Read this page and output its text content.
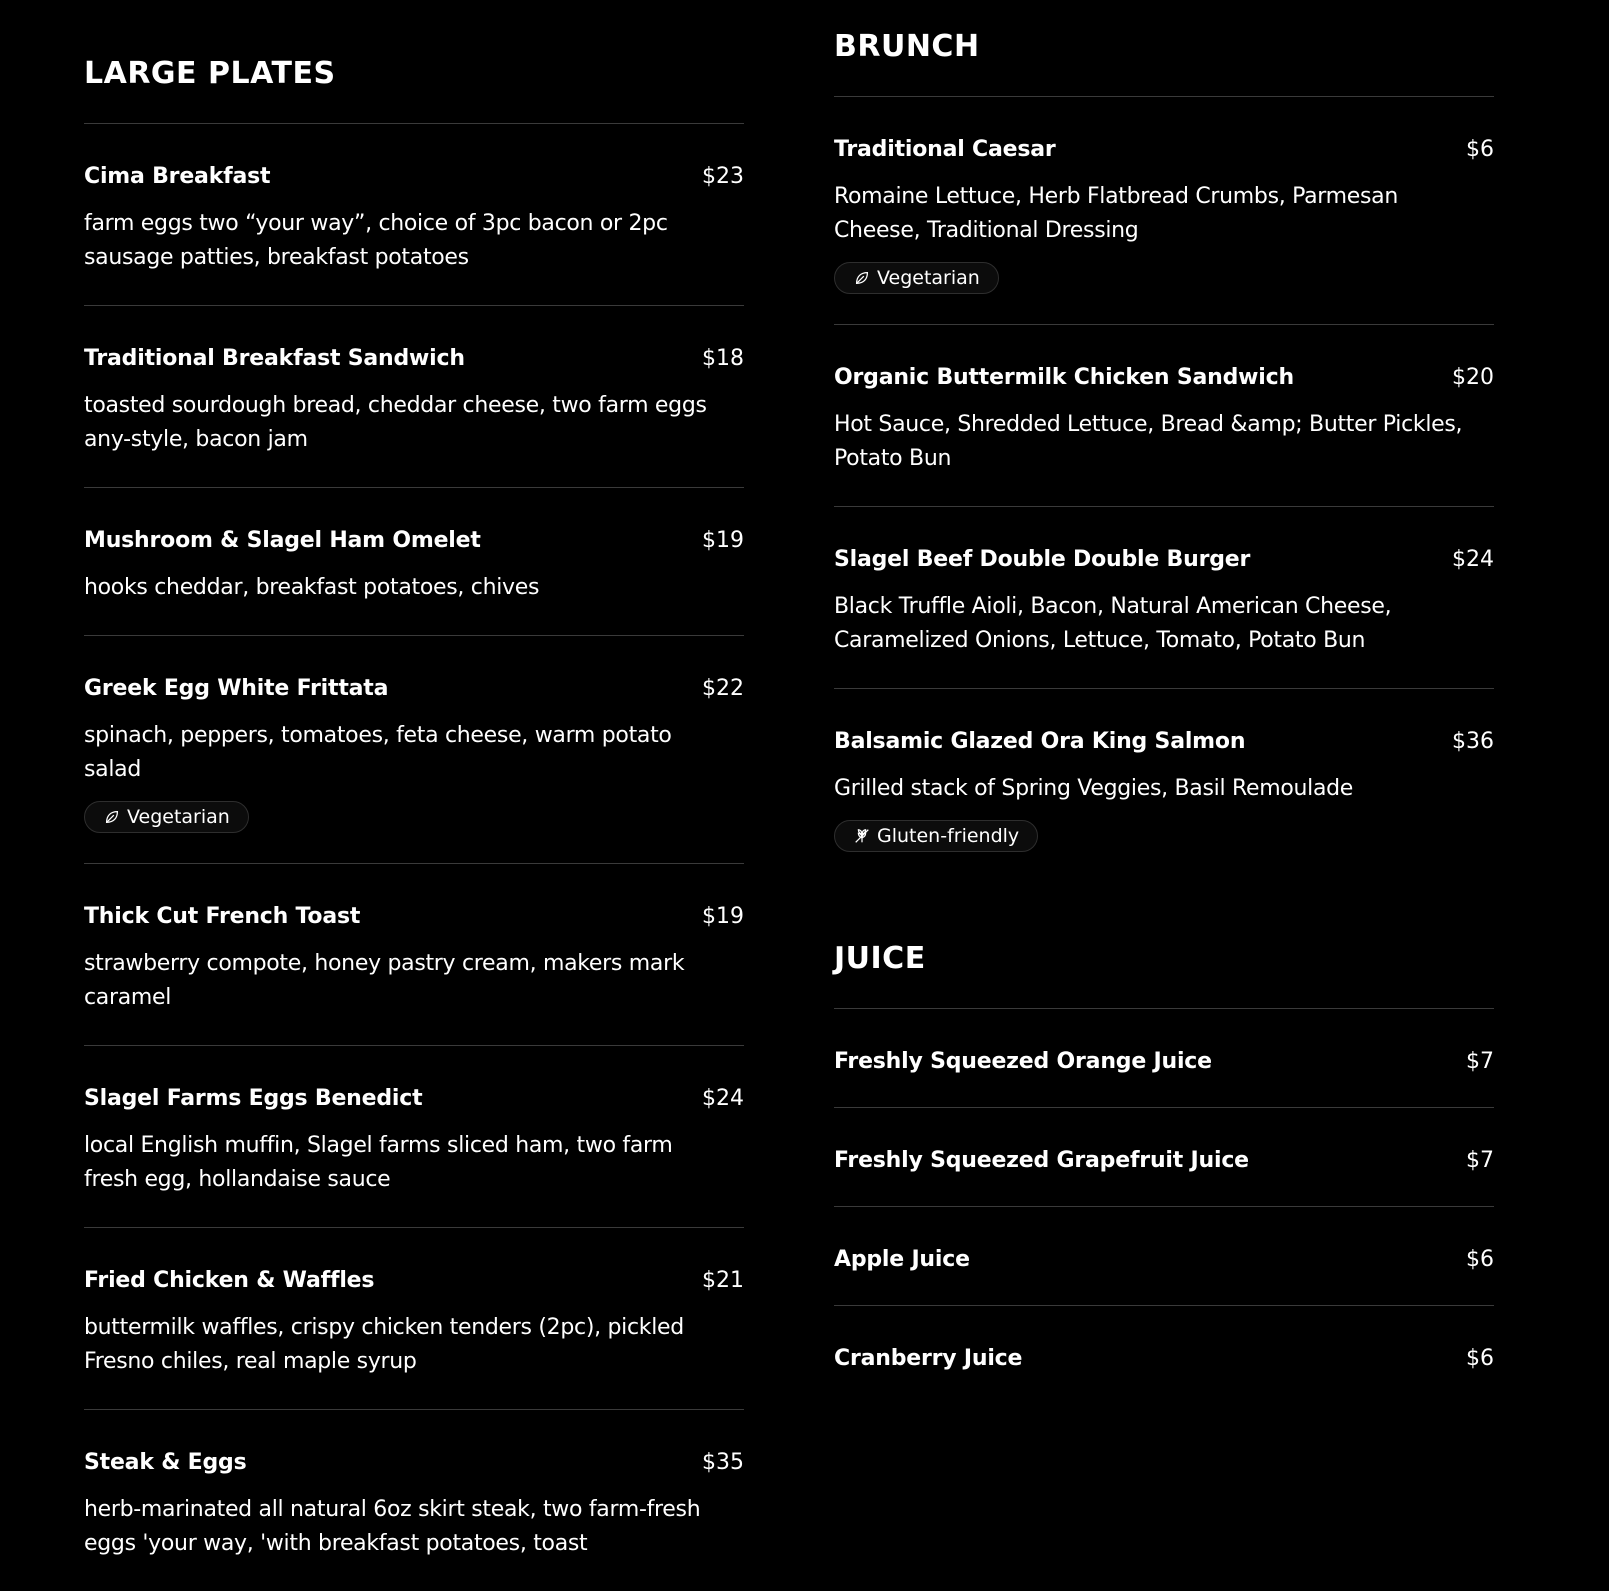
LARGE PLATES
Cima Breakfast	$23
farm eggs two “your way”, choice of 3pc bacon or 2pc sausage patties, breakfast potatoes
Traditional Breakfast Sandwich	$18
toasted sourdough bread, cheddar cheese, two farm eggs any-style, bacon jam
Mushroom & Slagel Ham Omelet	$19
hooks cheddar, breakfast potatoes, chives
Greek Egg White Frittata	$22
spinach, peppers, tomatoes, feta cheese, warm potato salad
Vegetarian
Thick Cut French Toast	$19
strawberry compote, honey pastry cream, makers mark caramel
Slagel Farms Eggs Benedict	$24
local English muffin, Slagel farms sliced ham, two farm fresh egg, hollandaise sauce
Fried Chicken & Waffles	$21
buttermilk waffles, crispy chicken tenders (2pc), pickled Fresno chiles, real maple syrup
Steak & Eggs	$35
herb-marinated all natural 6oz skirt steak, two farm-fresh eggs 'your way, 'with breakfast potatoes, toast
BRUNCH
Traditional Caesar	$6
Romaine Lettuce, Herb Flatbread Crumbs, Parmesan Cheese, Traditional Dressing
Vegetarian
Organic Buttermilk Chicken Sandwich	$20
Hot Sauce, Shredded Lettuce, Bread &amp; Butter Pickles, Potato Bun
Slagel Beef Double Double Burger	$24
Black Truffle Aioli, Bacon, Natural American Cheese, Caramelized Onions, Lettuce, Tomato, Potato Bun
Balsamic Glazed Ora King Salmon	$36
Grilled stack of Spring Veggies, Basil Remoulade
Gluten-friendly
JUICE
Freshly Squeezed Orange Juice	$7
Freshly Squeezed Grapefruit Juice	$7
Apple Juice	$6
Cranberry Juice	$6
